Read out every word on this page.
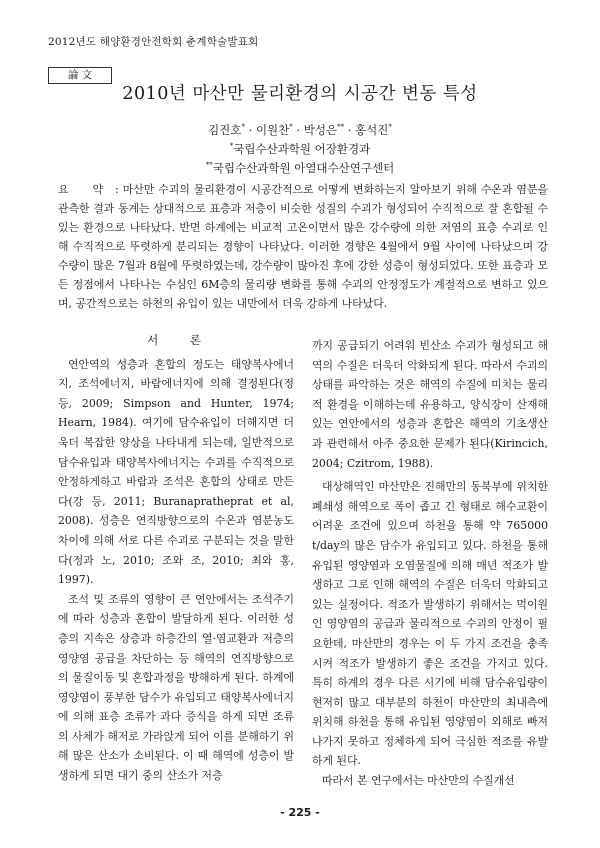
2012년도 해양환경안전학회 춘계학술발표회
論 文
2010년 마산만 물리환경의 시공간 변동 특성
김진호* · 이원찬* · 박성은** · 홍석진*
*국립수산과학원 어장환경과
**국립수산과학원 아열대수산연구센터
요 약 : 마산만 수괴의 물리환경이 시공간적으로 어떻게 변화하는지 알아보기 위해 수온과 염분을 관측한 결과 동계는 상대적으로 표층과 저층이 비슷한 성질의 수괴가 형성되어 수직적으로 잘 혼합될 수 있는 환경으로 나타났다. 반면 하계에는 비교적 고온이면서 많은 강수량에 의한 저염의 표층 수괴로 인해 수직적으로 뚜렷하게 분리되는 경향이 나타났다. 이러한 경향은 4월에서 9월 사이에 나타났으며 강수량이 많은 7월과 8월에 뚜렷하였는데, 강수량이 많아진 후에 강한 성층이 형성되었다. 또한 표층과 모든 정점에서 나타나는 수심인 6M층의 물리량 변화를 통해 수괴의 안정정도가 계절적으로 변하고 있으며, 공간적으로는 하천의 유입이 있는 내만에서 더욱 강하게 나타났다.

서 론

연안역의 성층과 혼합의 정도는 태양복사에너지, 조석에너지, 바람에너지에 의해 결정된다(정 등, 2009; Simpson and Hunter, 1974; Hearn, 1984). 여기에 담수유입이 더해지면 더욱더 복잡한 양상을 나타내게 되는데, 일반적으로 담수유입과 태양복사에너지는 수괴를 수직적으로 안정하게하고 바람과 조석은 혼합의 상태로 만든다(강 등, 2011; Buranapratheprat et al, 2008). 성층은 연직방향으로의 수온과 염분농도 차이에 의해 서로 다른 수괴로 구분되는 것을 말한다(정과 노, 2010; 조와 조, 2010; 최와 홍, 1997).

조석 및 조류의 영향이 큰 연안에서는 조석주기에 따라 성층과 혼합이 발달하게 된다. 이러한 성층의 지속은 상층과 하층간의 열·염교환과 저층의 영양염 공급을 차단하는 등 해역의 연직방향으로의 물질이동 및 혼합과정을 방해하게 된다. 하계에 영양염이 풍부한 담수가 유입되고 태양복사에너지에 의해 표층 조류가 과다 증식을 하게 되면 조류의 사체가 해저로 가라앉게 되어 이를 분해하기 위해 많은 산소가 소비된다. 이 때 해역에 성층이 발생하게 되면 대기 중의 산소가 저층

까지 공급되기 어려워 빈산소 수괴가 형성되고 해역의 수질은 더욱더 악화되게 된다. 따라서 수괴의 상태를 파악하는 것은 해역의 수질에 미치는 물리적 환경을 이해하는데 유용하고, 양식장이 산재해 있는 연안에서의 성층과 혼합은 해역의 기초생산과 관련해서 아주 중요한 문제가 된다(Kirincich, 2004; Czitrom, 1988).

대상해역인 마산만은 진해만의 동북부에 위치한 폐쇄성 해역으로 폭이 좁고 긴 형태로 해수교환이 어려운 조건에 있으며 하천을 통해 약 765000 t/day의 많은 담수가 유입되고 있다. 하천을 통해 유입된 영양염과 오염물질에 의해 매년 적조가 발생하고 그로 인해 해역의 수질은 더욱더 악화되고 있는 실정이다. 적조가 발생하기 위해서는 먹이원인 영양염의 공급과 물리적으로 수괴의 안정이 필요한데, 마산만의 경우는 이 두 가지 조건을 충족시켜 적조가 발생하기 좋은 조건을 가지고 있다. 특히 하계의 경우 다른 시기에 비해 담수유입량이 현저히 많고 대부분의 하천이 마산만의 최내측에 위치해 하천을 통해 유입된 영양염이 외해로 빠져 나가지 못하고 정체하게 되어 극심한 적조를 유발하게 된다.

따라서 본 연구에서는 마산만의 수질개선

- 225 -
